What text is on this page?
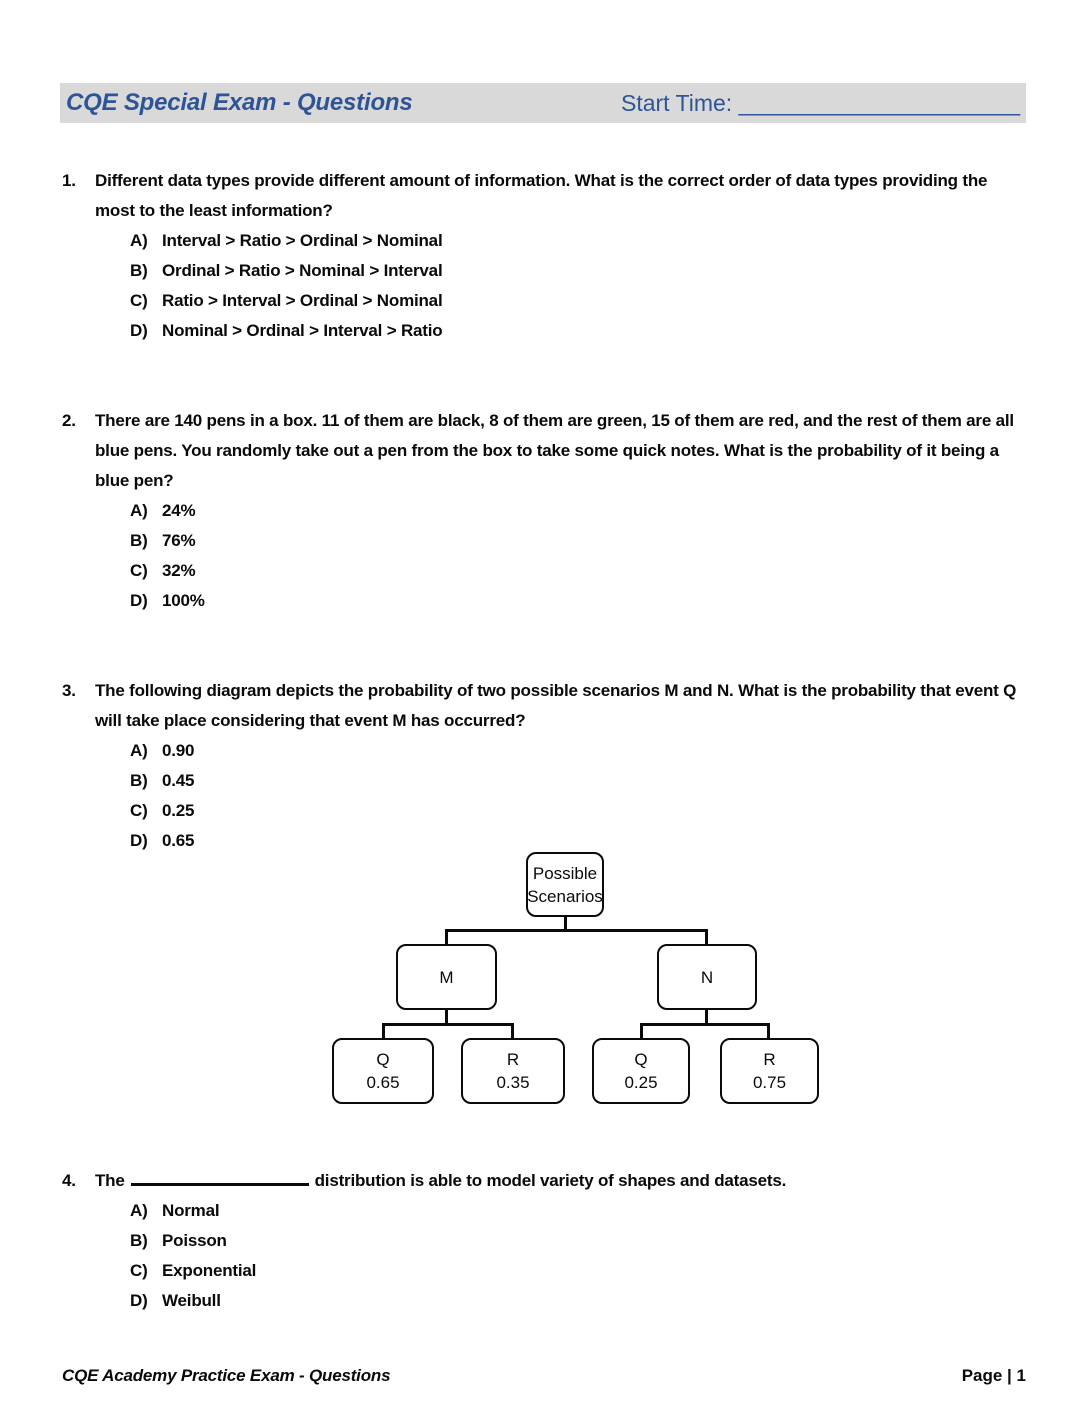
CQE Special Exam - Questions	Start Time: ______________________
1.	Different data types provide different amount of information. What is the correct order of data types providing the most to the least information?
A) Interval > Ratio > Ordinal > Nominal
B) Ordinal > Ratio > Nominal > Interval
C) Ratio > Interval > Ordinal > Nominal
D) Nominal > Ordinal > Interval > Ratio
2.	There are 140 pens in a box. 11 of them are black, 8 of them are green, 15 of them are red, and the rest of them are all blue pens. You randomly take out a pen from the box to take some quick notes. What is the probability of it being a blue pen?
A) 24%
B) 76%
C) 32%
D) 100%
3.	The following diagram depicts the probability of two possible scenarios M and N. What is the probability that event Q will take place considering that event M has occurred?
A) 0.90
B) 0.45
C) 0.25
D) 0.65
Possible Scenarios
M	N
Q
0.65
R
0.35
Q
0.25
R
0.75
4.	The	distribution is able to model variety of shapes and datasets.
A) Normal
B) Poisson
C) Exponential
D) Weibull
CQE Academy Practice Exam - Questions	Page | 1
